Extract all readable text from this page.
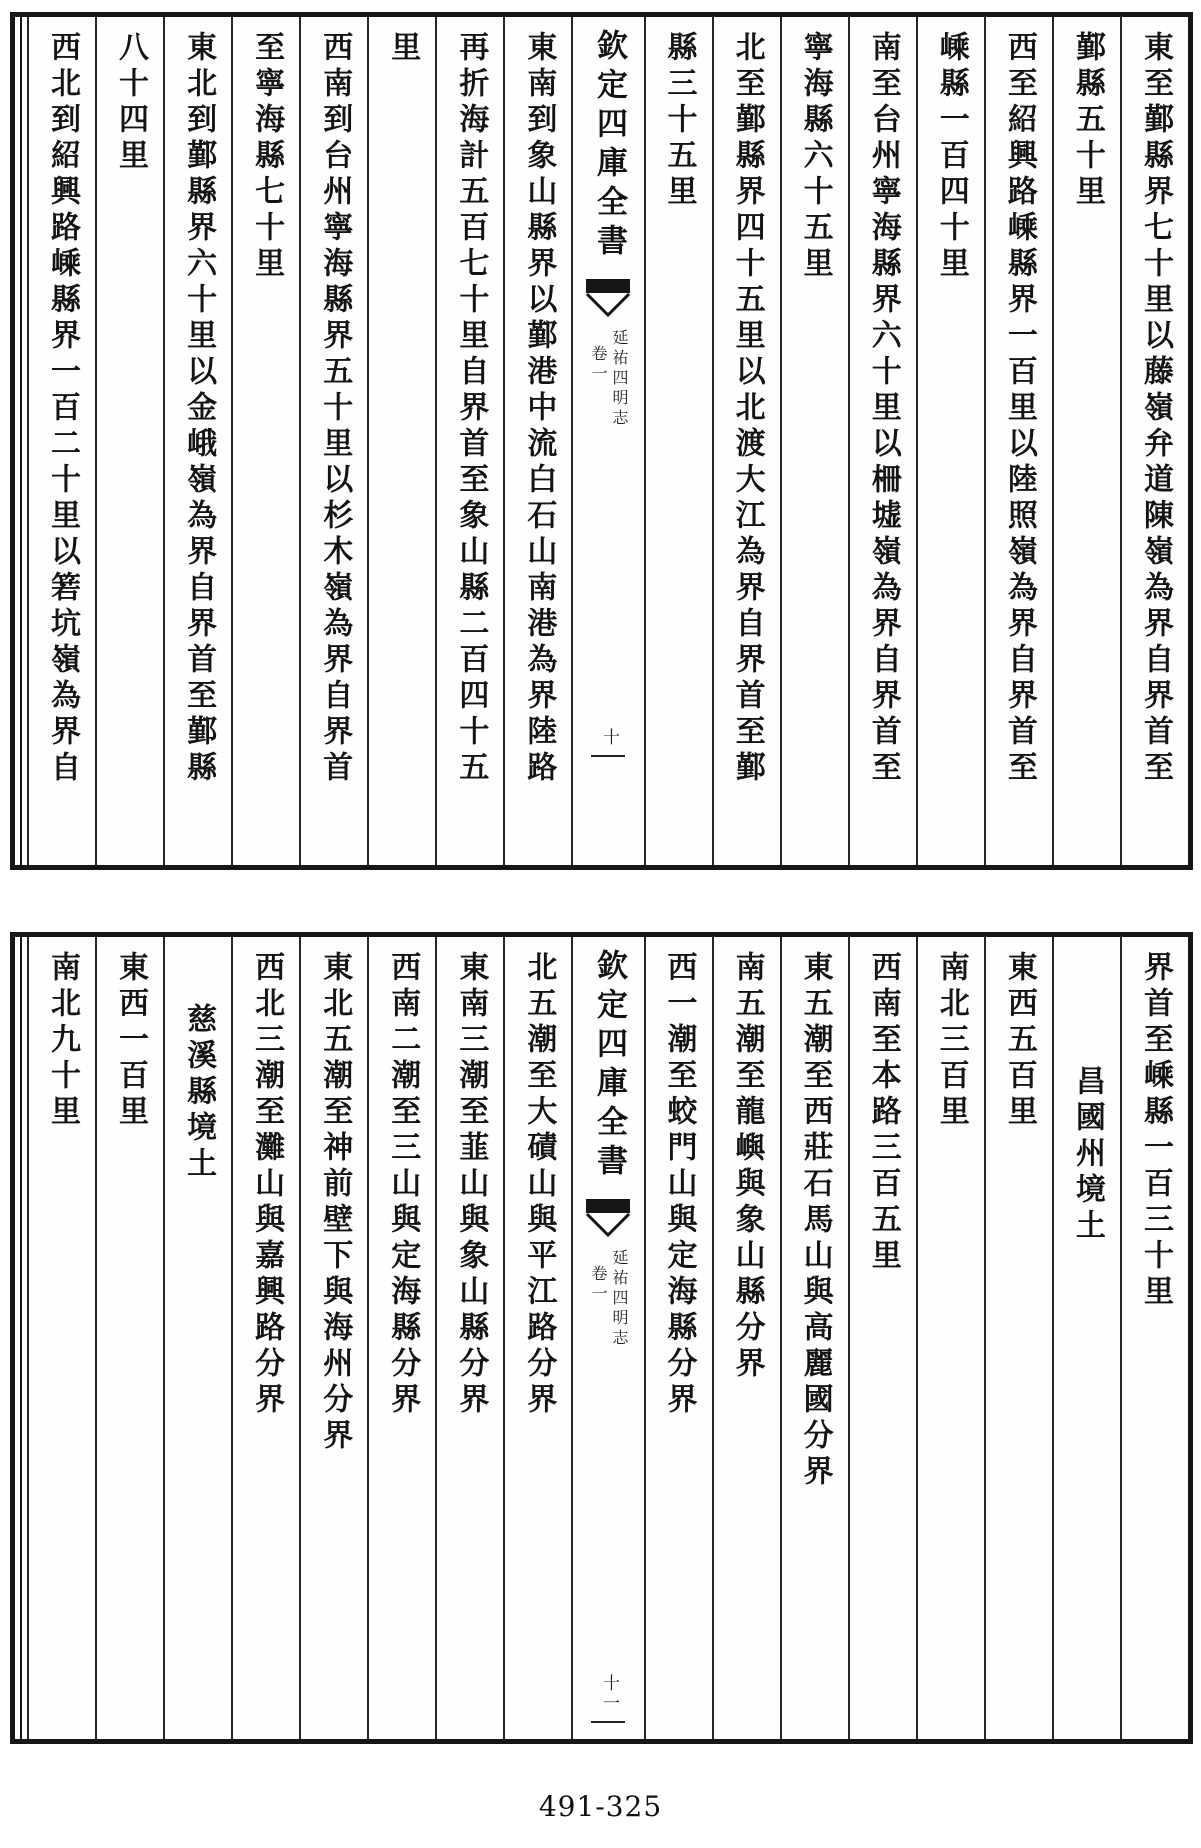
東至鄞縣界七十里以藤嶺弁道陳嶺為界自界首至
鄞縣五十里
西至紹興路嵊縣界一百里以陸照嶺為界自界首至
嵊縣一百四十里
南至台州寧海縣界六十里以柵墟嶺為界自界首至
寧海縣六十五里
北至鄞縣界四十五里以北渡大江為界自界首至鄞
縣三十五里
欽定四庫全書
延祐四明志
卷一
十
東南到象山縣界以鄞港中流白石山南港為界陸路
再折海計五百七十里自界首至象山縣二百四十五
里
西南到台州寧海縣界五十里以杉木嶺為界自界首
至寧海縣七十里
東北到鄞縣界六十里以金峨嶺為界自界首至鄞縣
八十四里
西北到紹興路嵊縣界一百二十里以箬坑嶺為界自
界首至嵊縣一百三十里
昌國州境土
東西五百里
南北三百里
西南至本路三百五里
東五潮至西莊石馬山與高麗國分界
南五潮至龍嶼與象山縣分界
西一潮至蛟門山與定海縣分界
欽定四庫全書
延祐四明志
卷一
十一
北五潮至大磧山與平江路分界
東南三潮至韮山與象山縣分界
西南二潮至三山與定海縣分界
東北五潮至神前壁下與海州分界
西北三潮至灘山與嘉興路分界
慈溪縣境土
東西一百里
南北九十里
491-325
